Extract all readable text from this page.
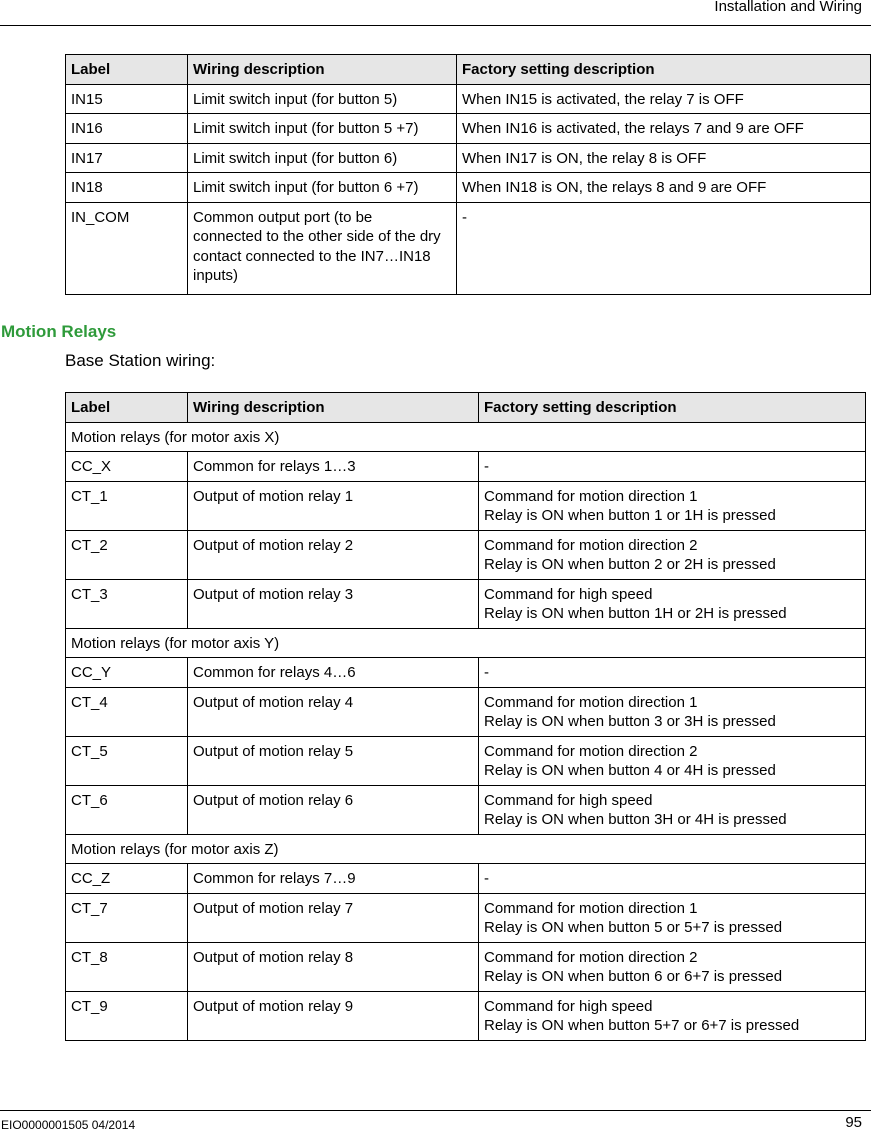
Installation and Wiring
Label	Wiring description	Factory setting description
IN15	Limit switch input (for button 5)	When IN15 is activated, the relay 7 is OFF
IN16	Limit switch input (for button 5 +7)	When IN16 is activated, the relays 7 and 9 are OFF
IN17	Limit switch input (for button 6)	When IN17 is ON, the relay 8 is OFF
IN18	Limit switch input (for button 6 +7)	When IN18 is ON, the relays 8 and 9 are OFF
IN_COM	Common output port (to be connected to the other side of the dry contact connected to the IN7…IN18 inputs)	-
Motion Relays
Base Station wiring:
Label	Wiring description	Factory setting description
Motion relays (for motor axis X)		
CC_X	Common for relays 1…3	-

CT_1	Output of motion relay 1	Command for motion direction 1
Relay is ON when button 1 or 1H is pressed

CT_2	Output of motion relay 2	Command for motion direction 2
Relay is ON when button 2 or 2H is pressed

CT_3	Output of motion relay 3	Command for high speed
Relay is ON when button 1H or 2H is pressed

Motion relays (for motor axis Y)		
CC_Y	Common for relays 4…6	-

CT_4	Output of motion relay 4	Command for motion direction 1
Relay is ON when button 3 or 3H is pressed

CT_5	Output of motion relay 5	Command for motion direction 2
Relay is ON when button 4 or 4H is pressed

CT_6	Output of motion relay 6	Command for high speed
Relay is ON when button 3H or 4H is pressed

Motion relays (for motor axis Z)		
CC_Z	Common for relays 7…9	-

CT_7	Output of motion relay 7	Command for motion direction 1
Relay is ON when button 5 or 5+7 is pressed

CT_8	Output of motion relay 8	Command for motion direction 2
Relay is ON when button 6 or 6+7 is pressed

CT_9	Output of motion relay 9	Command for high speed
Relay is ON when button 5+7 or 6+7 is pressed
EIO0000001505 04/2014	95
